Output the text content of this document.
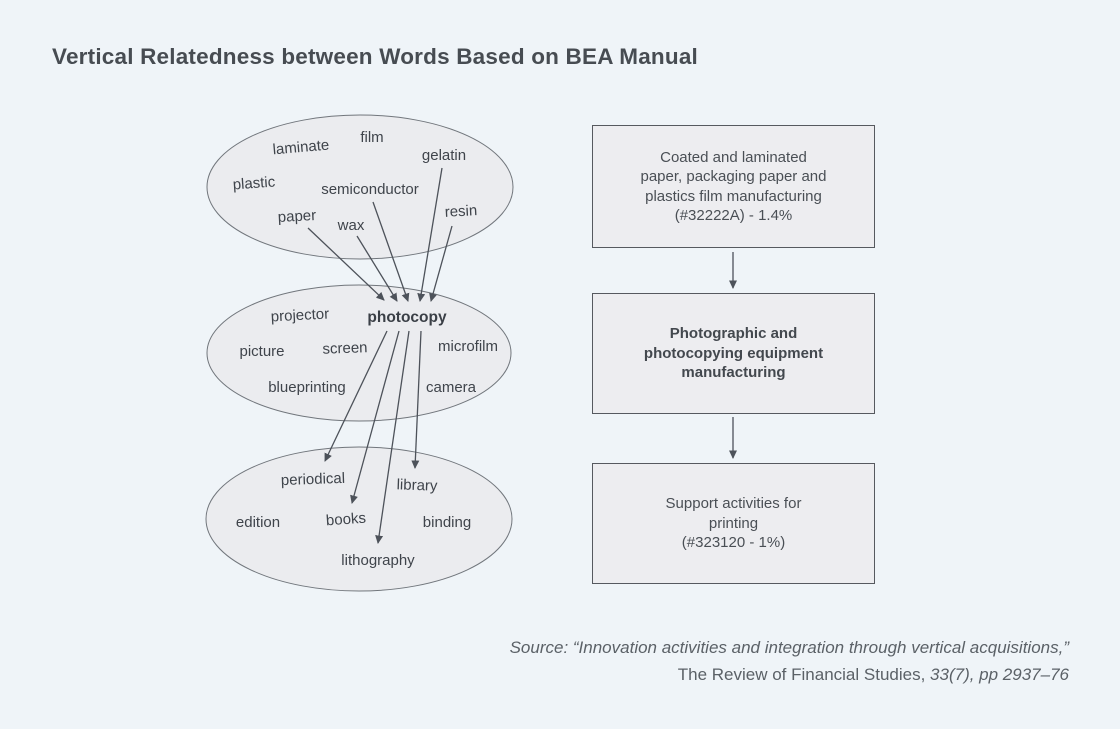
Vertical Relatedness between Words Based on BEA Manual
laminate film
gelatin
plastic	semiconductor
paper wax
resin
projector photocopy
picture	screen	microfilm
blueprinting	camera
periodical	library
edition	books	binding
lithography
Coated and laminated
paper, packaging paper and
plastics film manufacturing
(#32222A) - 1.4%
Photographic and
photocopying equipment
manufacturing
Support activities for
printing
(#323120 - 1%)
Source: “Innovation activities and integration through vertical acquisitions,”
The Review of Financial Studies, 33(7), pp 2937–76
